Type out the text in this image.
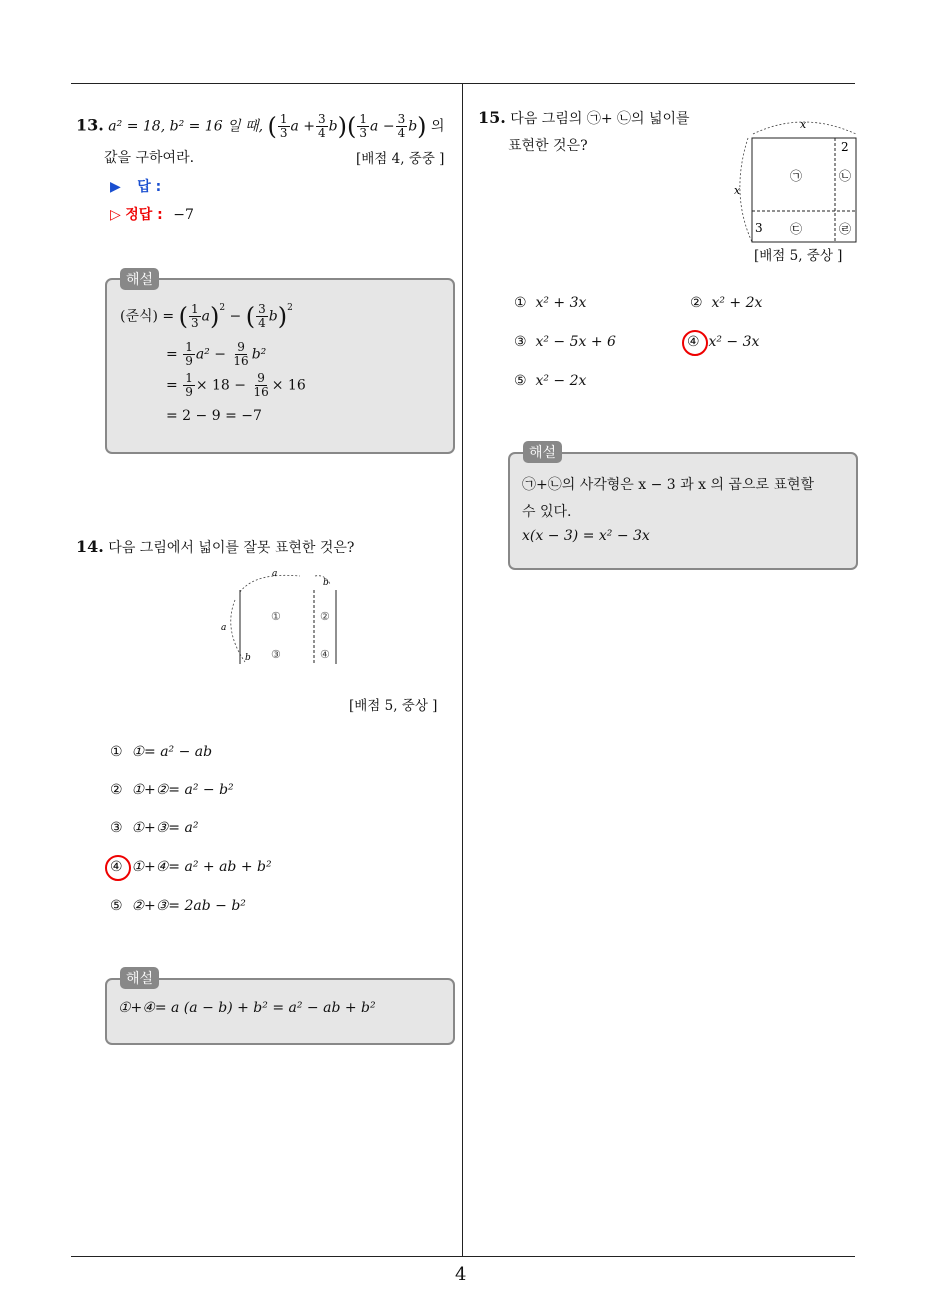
4
13. a² = 18, b² = 16 일 때, ( $\frac{1}{3}$ $a + \frac{3}{4} b)( \frac{1}{3}$ $a - \frac{3}{4} b$) 의
값을 구하여라.	[배점 4, 중중 ]
▶ 답 :
▷ 정답 : −7
해설
(준식) = ( $\frac{1}{3} a)^2$ − ( $\frac{3}{4} b)^2$
= $\frac{1}{9} a^2 - \frac{9}{16} b^2$
= $\frac{1}{9} \times 18 - \frac{9}{16} \times 16$
= 2 − 9 = −7
14. 다음 그림에서 넓이를 잘못 표현한 것은?
a
b
a
b
①	②
③	④
[배점 5, 중상 ]
① ①= a² − ab
② ①+②= a² − b²
③ ①+③= a²
④ ①+④= a² + ab + b²
⑤ ②+③= 2ab − b²
해설
①+④= a (a − b) + b² = a² − ab + b²
15. 다음 그림의 ㉠+ ㉡의 넓이를
표현한 것은?
x
2
x
3
㉠	㉡
㉢	㉣
[배점 5, 중상 ]
① x² + 3x	② x² + 2x
③ x² − 5x + 6	④ x² − 3x
⑤ x² − 2x
해설
㉠+㉡의 사각형은 x − 3 과 x 의 곱으로 표현할
수 있다.
x(x − 3) = x² − 3x
